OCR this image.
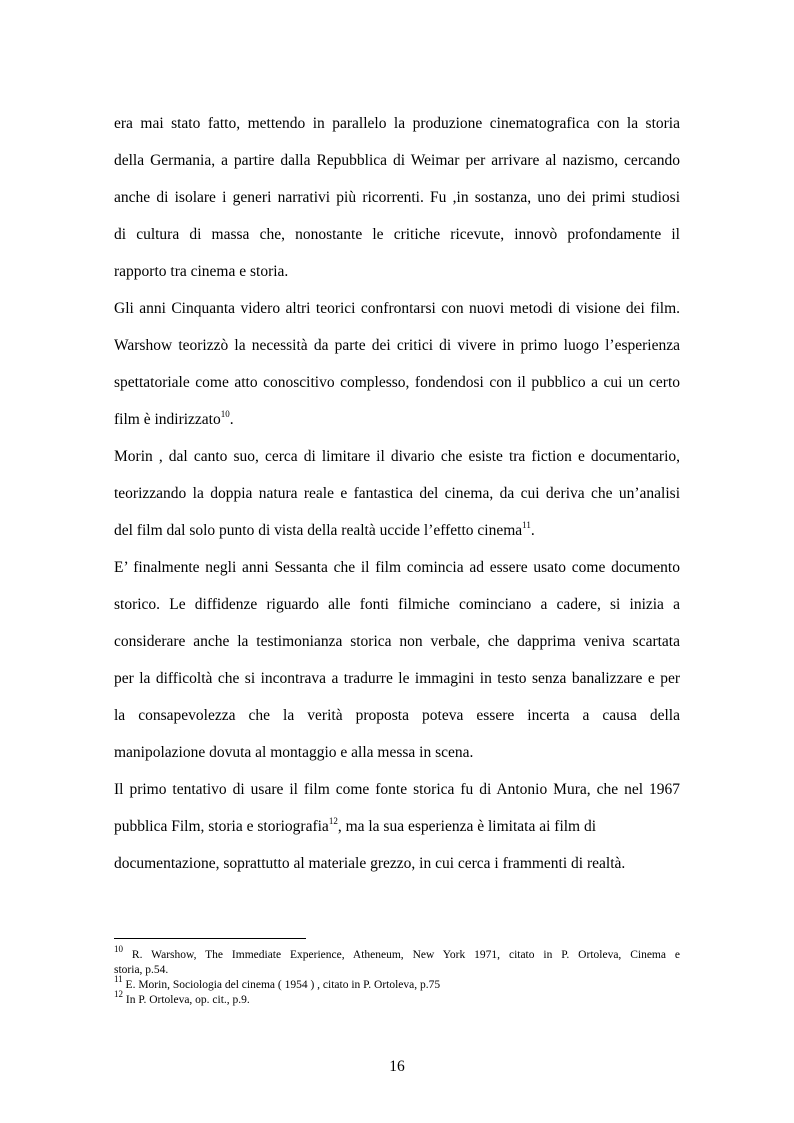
era mai stato fatto, mettendo in parallelo la produzione cinematografica con la storia
della Germania, a partire dalla Repubblica di Weimar per arrivare al nazismo, cercando
anche di isolare i generi narrativi più ricorrenti. Fu ,in sostanza, uno dei primi studiosi
di cultura di massa che, nonostante le critiche ricevute, innovò profondamente il
rapporto tra cinema e storia.
Gli anni Cinquanta videro altri teorici confrontarsi con nuovi metodi di visione dei film.
Warshow teorizzò la necessità da parte dei critici di vivere in primo luogo l’esperienza
spettatoriale come atto conoscitivo complesso, fondendosi con il pubblico a cui un certo
film è indirizzato$^{10}$.
Morin , dal canto suo, cerca di limitare il divario che esiste tra fiction e documentario,
teorizzando la doppia natura reale e fantastica del cinema, da cui deriva che un’analisi
del film dal solo punto di vista della realtà uccide l’effetto cinema$^{11}$.
E’ finalmente negli anni Sessanta che il film comincia ad essere usato come documento
storico. Le diffidenze riguardo alle fonti filmiche cominciano a cadere, si inizia a
considerare anche la testimonianza storica non verbale, che dapprima veniva scartata
per la difficoltà che si incontrava a tradurre le immagini in testo senza banalizzare e per
la consapevolezza che la verità proposta poteva essere incerta a causa della
manipolazione dovuta al montaggio e alla messa in scena.
Il primo tentativo di usare il film come fonte storica fu di Antonio Mura, che nel 1967
pubblica Film, storia e storiografia$^{12}$, ma la sua esperienza è limitata ai film di
documentazione, soprattutto al materiale grezzo, in cui cerca i frammenti di realtà.
$^{10}$ R. Warshow, The Immediate Experience, Atheneum, New York 1971, citato in P. Ortoleva, Cinema e
storia, p.54.
$^{11}$ E. Morin, Sociologia del cinema ( 1954 ) , citato in P. Ortoleva, p.75
$^{12}$ In P. Ortoleva, op. cit., p.9.
16
